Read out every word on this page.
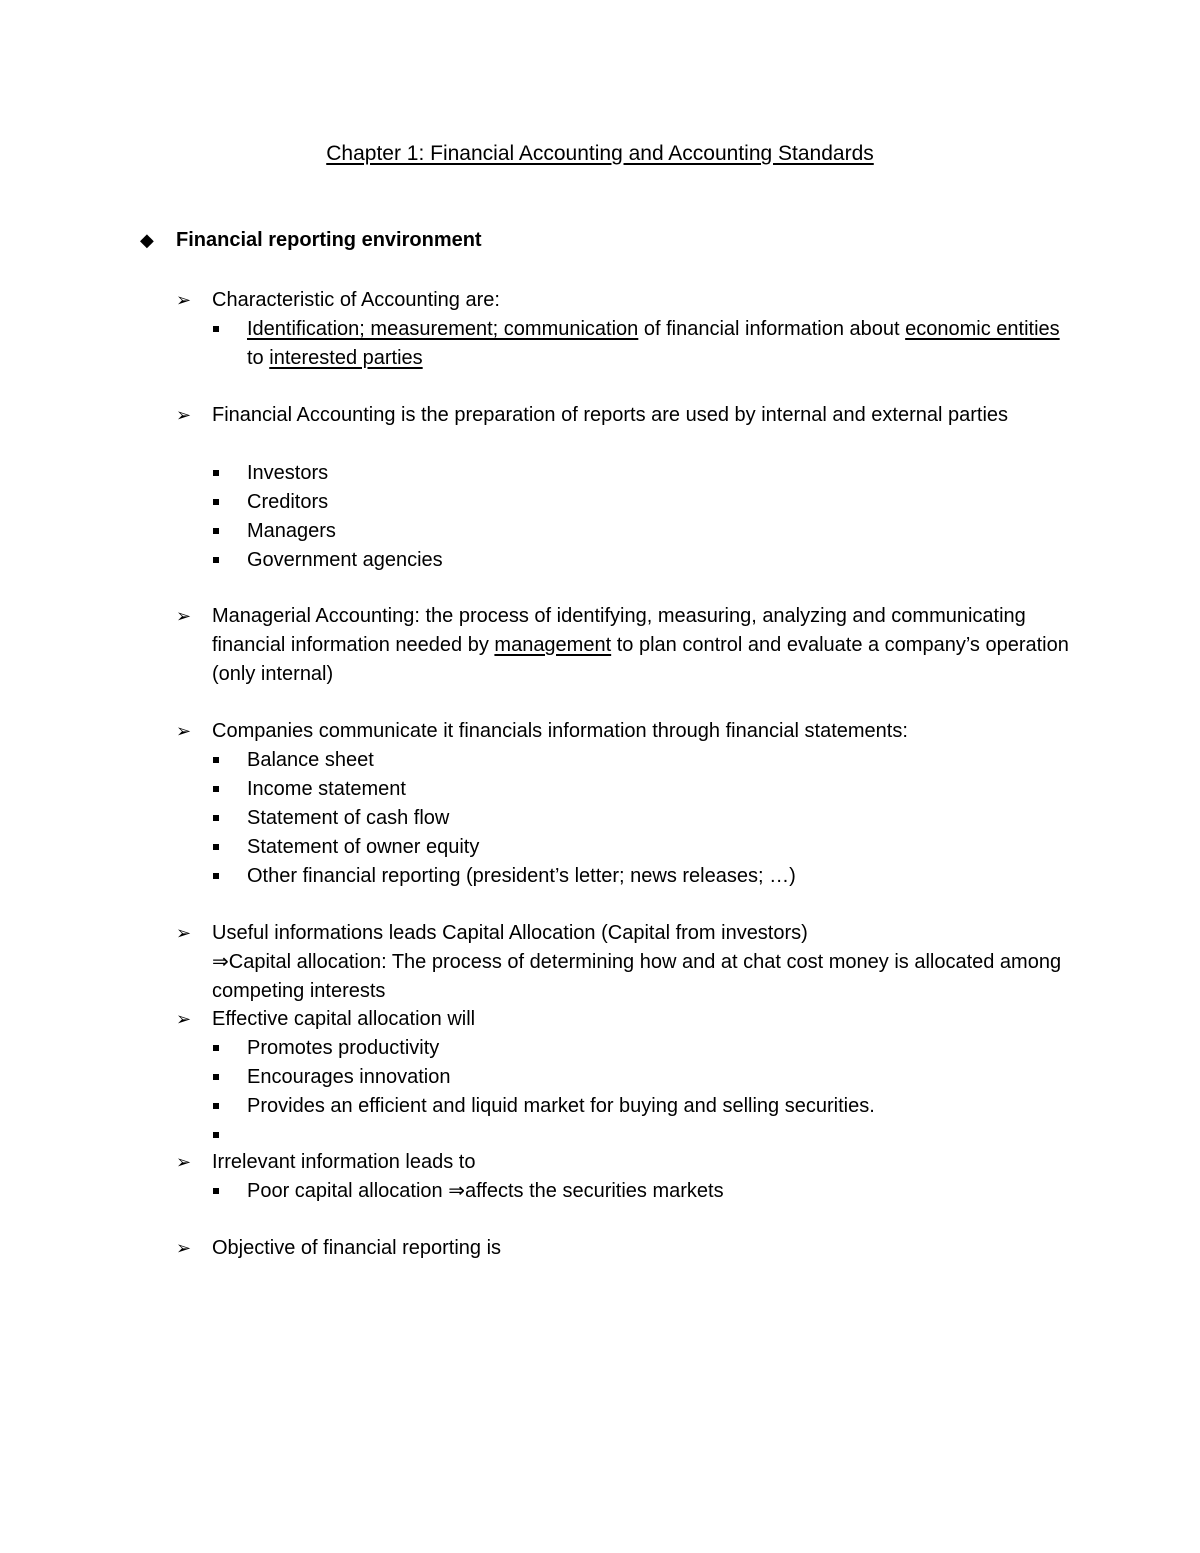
Chapter 1: Financial Accounting and Accounting Standards
◆ Financial reporting environment
➢	Characteristic of Accounting are:
Identification; measurement; communication of financial information about economic entities to interested parties
➢	Financial Accounting is the preparation of reports are used by internal and external parties
Investors
Creditors
Managers
Government agencies
➢	Managerial Accounting: the process of identifying, measuring, analyzing and communicating financial information needed by management to plan control and evaluate a company’s operation (only internal)
➢	Companies communicate it financials information through financial statements:
Balance sheet
Income statement
Statement of cash flow
Statement of owner equity
Other financial reporting (president’s letter; news releases; …)
➢	Useful informations leads Capital Allocation (Capital from investors)
⇒Capital allocation: The process of determining how and at chat cost money is allocated among competing interests
➢	Effective capital allocation will
Promotes productivity
Encourages innovation
Provides an efficient and liquid market for buying and selling securities.
➢	Irrelevant information leads to
Poor capital allocation ⇒affects the securities markets
➢	Objective of financial reporting is
